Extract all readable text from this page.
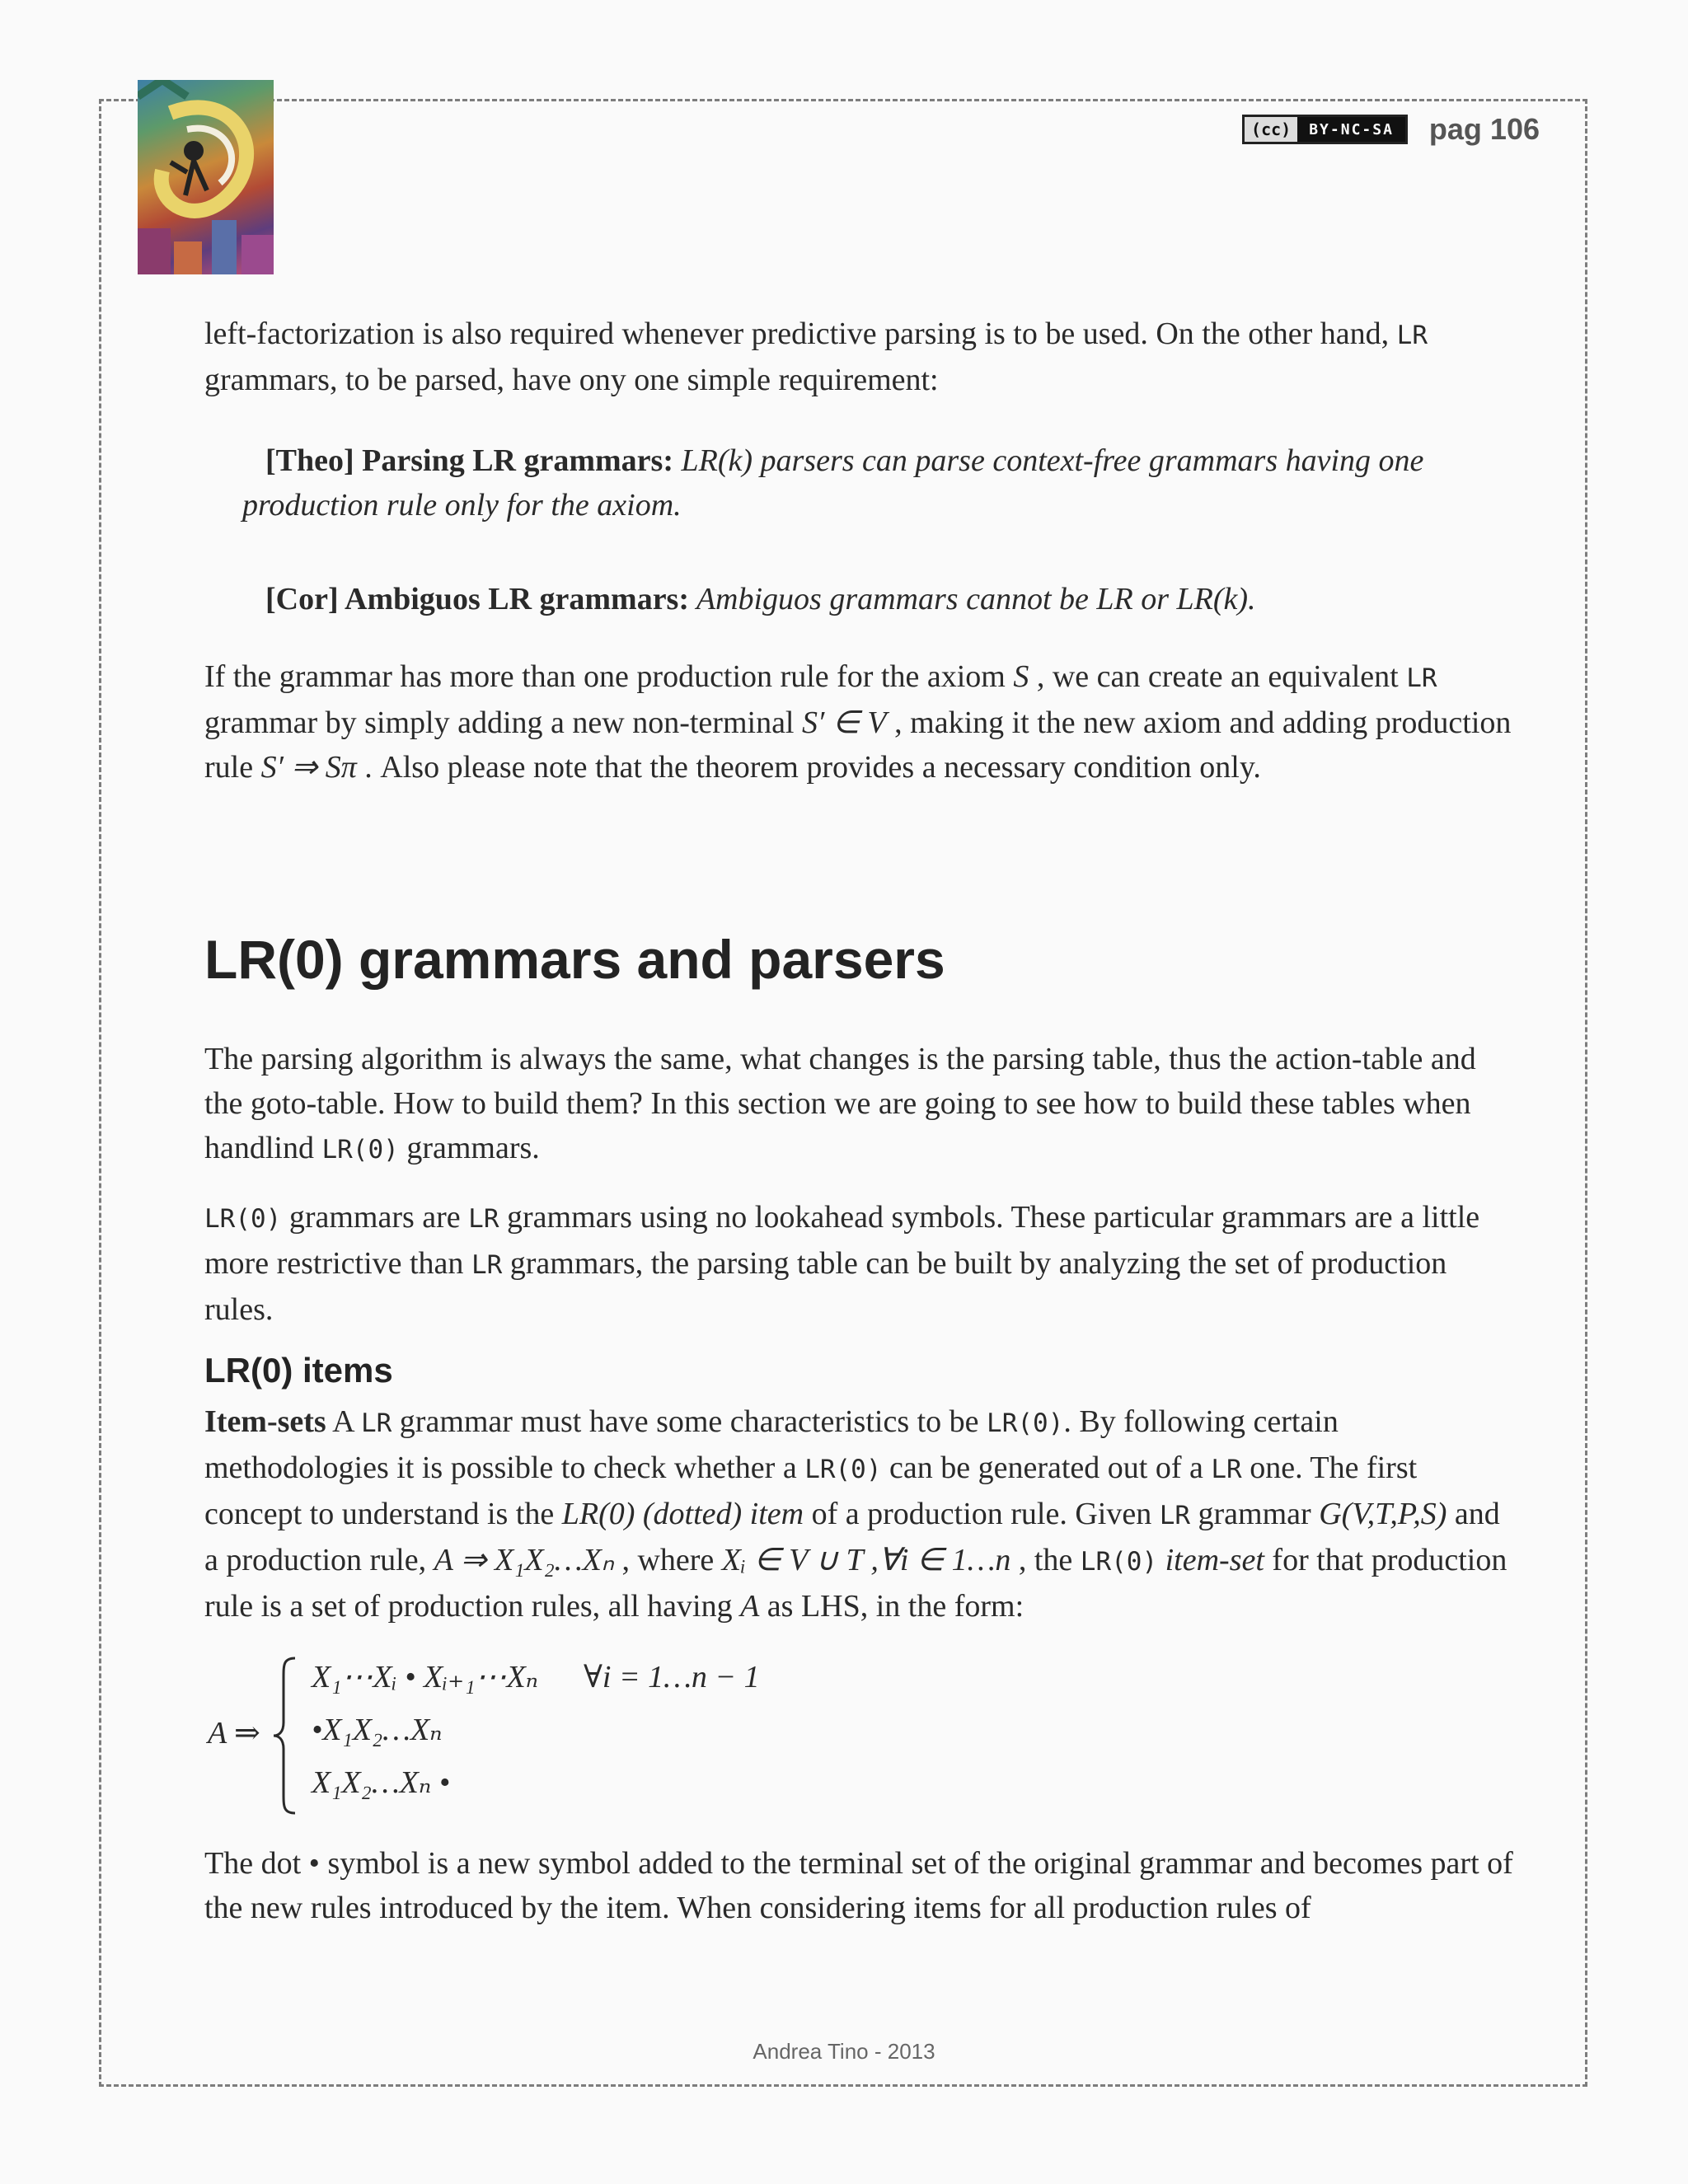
(cc)	BY-NC-SA	pag 106

left-factorization is also required whenever predictive parsing is to be used. On the other hand, LR grammars, to be parsed, have ony one simple requirement:

[Theo] Parsing LR grammars: LR(k) parsers can parse context-free grammars having one production rule only for the axiom.

[Cor] Ambiguos LR grammars: Ambiguos grammars cannot be LR or LR(k).

If the grammar has more than one production rule for the axiom S , we can create an equivalent LR grammar by simply adding a new non-terminal S′ ∈ V , making it the new axiom and adding production rule S′ ⇒ Sπ . Also please note that the theorem provides a necessary condition only.

LR(0) grammars and parsers

The parsing algorithm is always the same, what changes is the parsing table, thus the action-table and the goto-table. How to build them? In this section we are going to see how to build these tables when handlind LR(0) grammars.

LR(0) grammars are LR grammars using no lookahead symbols. These particular grammars are a little more restrictive than LR grammars, the parsing table can be built by analyzing the set of production rules.

LR(0) items

Item-sets A LR grammar must have some characteristics to be LR(0). By following certain methodologies it is possible to check whether a LR(0) can be generated out of a LR one. The first concept to understand is the LR(0) (dotted) item of a production rule. Given LR grammar G(V,T,P,S) and a production rule, A ⇒ X₁X₂…Xₙ , where Xᵢ ∈ V ∪ T ,∀i ∈ 1…n , the LR(0) item-set for that production rule is a set of production rules, all having A as LHS, in the form:

A ⇒
X₁⋯Xᵢ • Xᵢ₊₁⋯Xₙ ∀i = 1…n − 1
•X₁X₂…Xₙ
X₁X₂…Xₙ •

The dot • symbol is a new symbol added to the terminal set of the original grammar and becomes part of the new rules introduced by the item. When considering items for all production rules of

Andrea Tino - 2013
